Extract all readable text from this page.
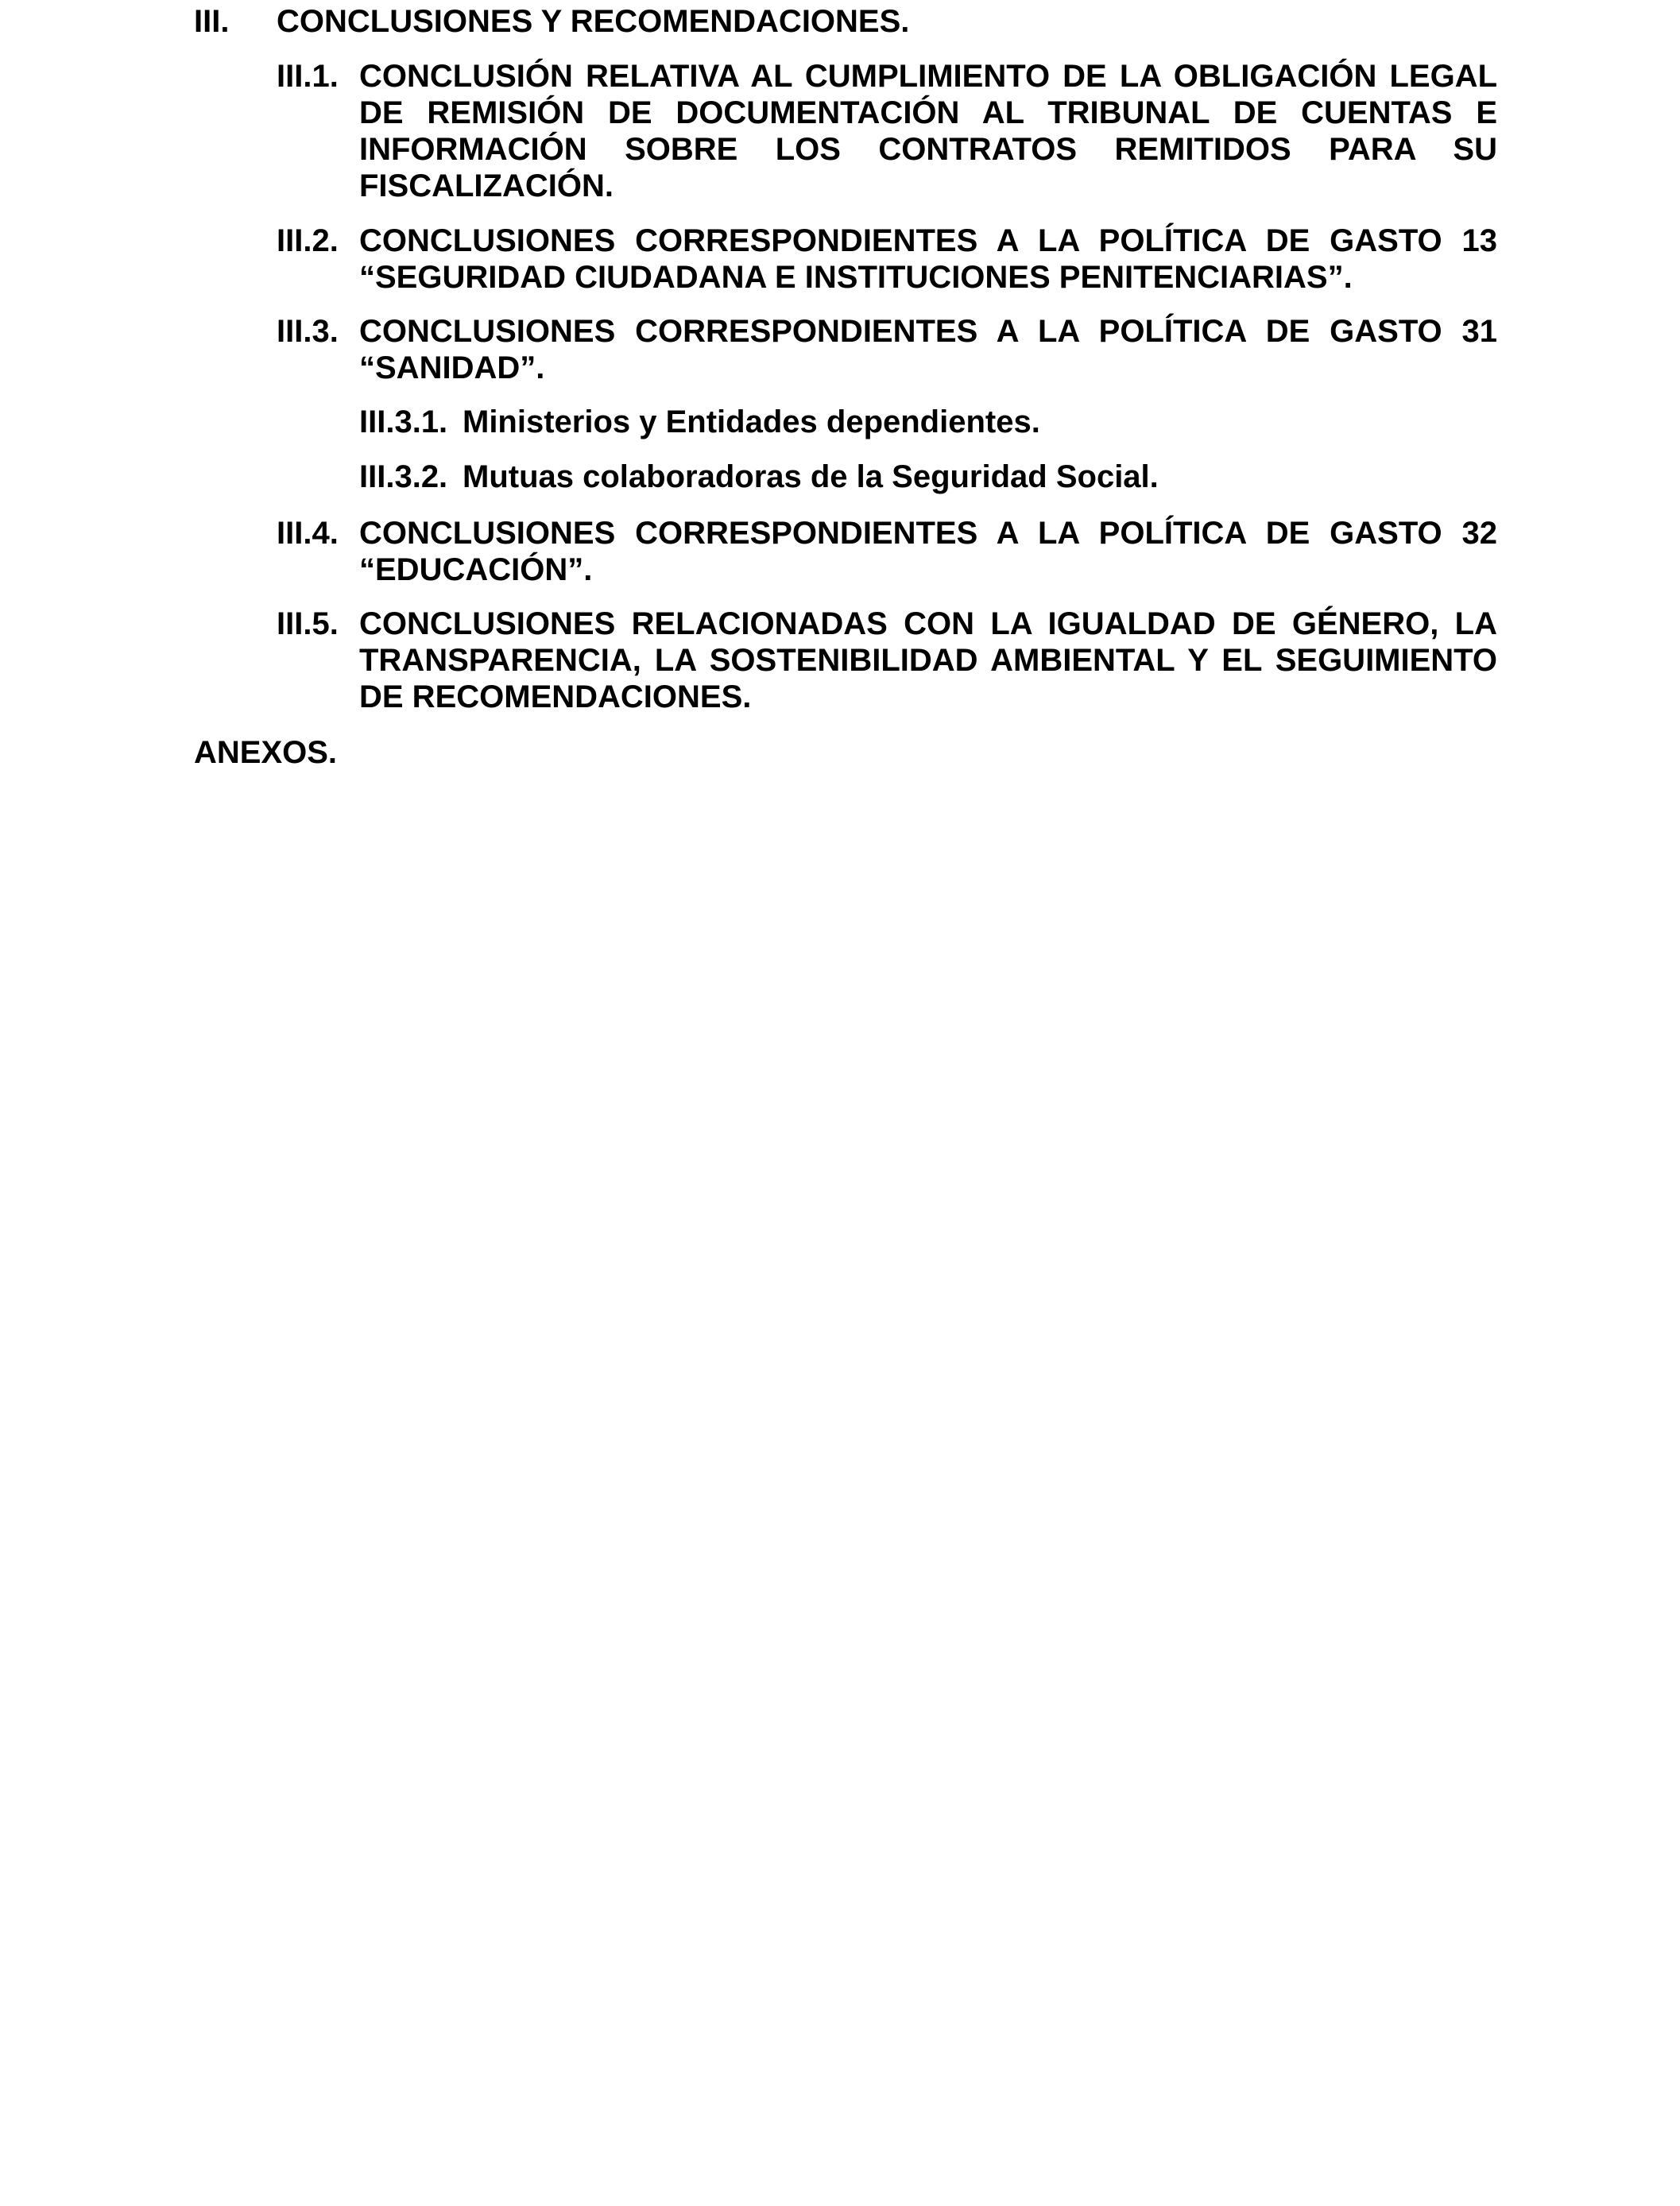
III.	CONCLUSIONES Y RECOMENDACIONES.
III.1. CONCLUSIÓN RELATIVA AL CUMPLIMIENTO DE LA OBLIGACIÓN LEGAL DE REMISIÓN DE DOCUMENTACIÓN AL TRIBUNAL DE CUENTAS E INFORMACIÓN SOBRE LOS CONTRATOS REMITIDOS PARA SU FISCALIZACIÓN.
III.2. CONCLUSIONES CORRESPONDIENTES A LA POLÍTICA DE GASTO 13 “SEGURIDAD CIUDADANA E INSTITUCIONES PENITENCIARIAS”.
III.3. CONCLUSIONES CORRESPONDIENTES A LA POLÍTICA DE GASTO 31 “SANIDAD”.
III.3.1. Ministerios y Entidades dependientes.
III.3.2. Mutuas colaboradoras de la Seguridad Social.
III.4. CONCLUSIONES CORRESPONDIENTES A LA POLÍTICA DE GASTO 32 “EDUCACIÓN”.
III.5. CONCLUSIONES RELACIONADAS CON LA IGUALDAD DE GÉNERO, LA TRANSPARENCIA, LA SOSTENIBILIDAD AMBIENTAL Y EL SEGUIMIENTO DE RECOMENDACIONES.
ANEXOS.
